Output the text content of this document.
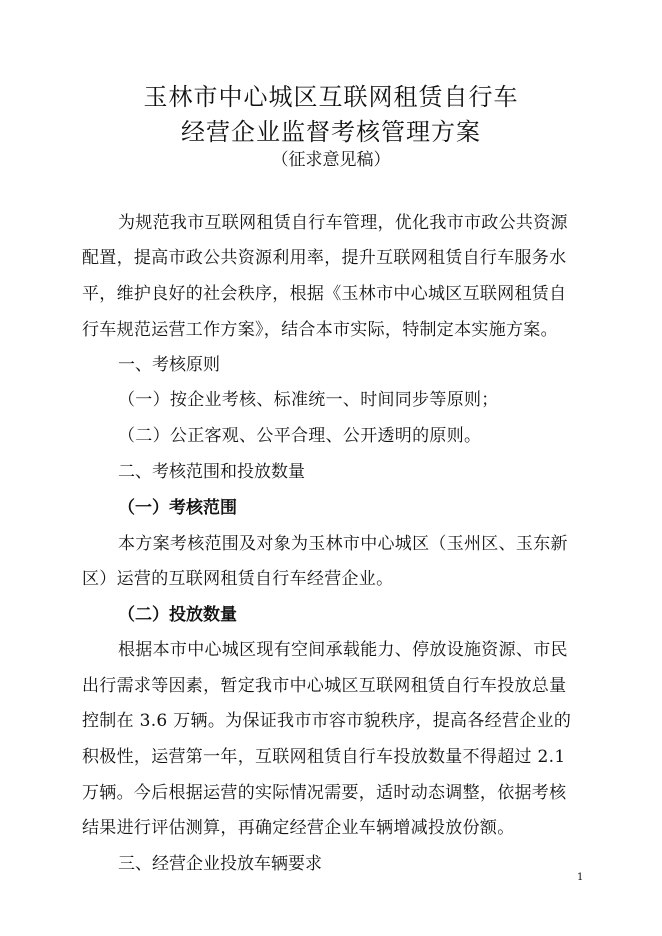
玉林市中心城区互联网租赁自行车
经营企业监督考核管理方案
（征求意见稿）
为规范我市互联网租赁自行车管理，优化我市市政公共资源
配置，提高市政公共资源利用率，提升互联网租赁自行车服务水
平，维护良好的社会秩序，根据《玉林市中心城区互联网租赁自
行车规范运营工作方案》，结合本市实际，特制定本实施方案。
一、考核原则
（一）按企业考核、标准统一、时间同步等原则；
（二）公正客观、公平合理、公开透明的原则。
二、考核范围和投放数量
（一）考核范围
本方案考核范围及对象为玉林市中心城区（玉州区、玉东新
区）运营的互联网租赁自行车经营企业。
（二）投放数量
根据本市中心城区现有空间承载能力、停放设施资源、市民
出行需求等因素，暂定我市中心城区互联网租赁自行车投放总量
控制在 3.6 万辆。为保证我市市容市貌秩序，提高各经营企业的
积极性，运营第一年，互联网租赁自行车投放数量不得超过 2.1
万辆。今后根据运营的实际情况需要，适时动态调整，依据考核
结果进行评估测算，再确定经营企业车辆增减投放份额。
三、经营企业投放车辆要求
1
